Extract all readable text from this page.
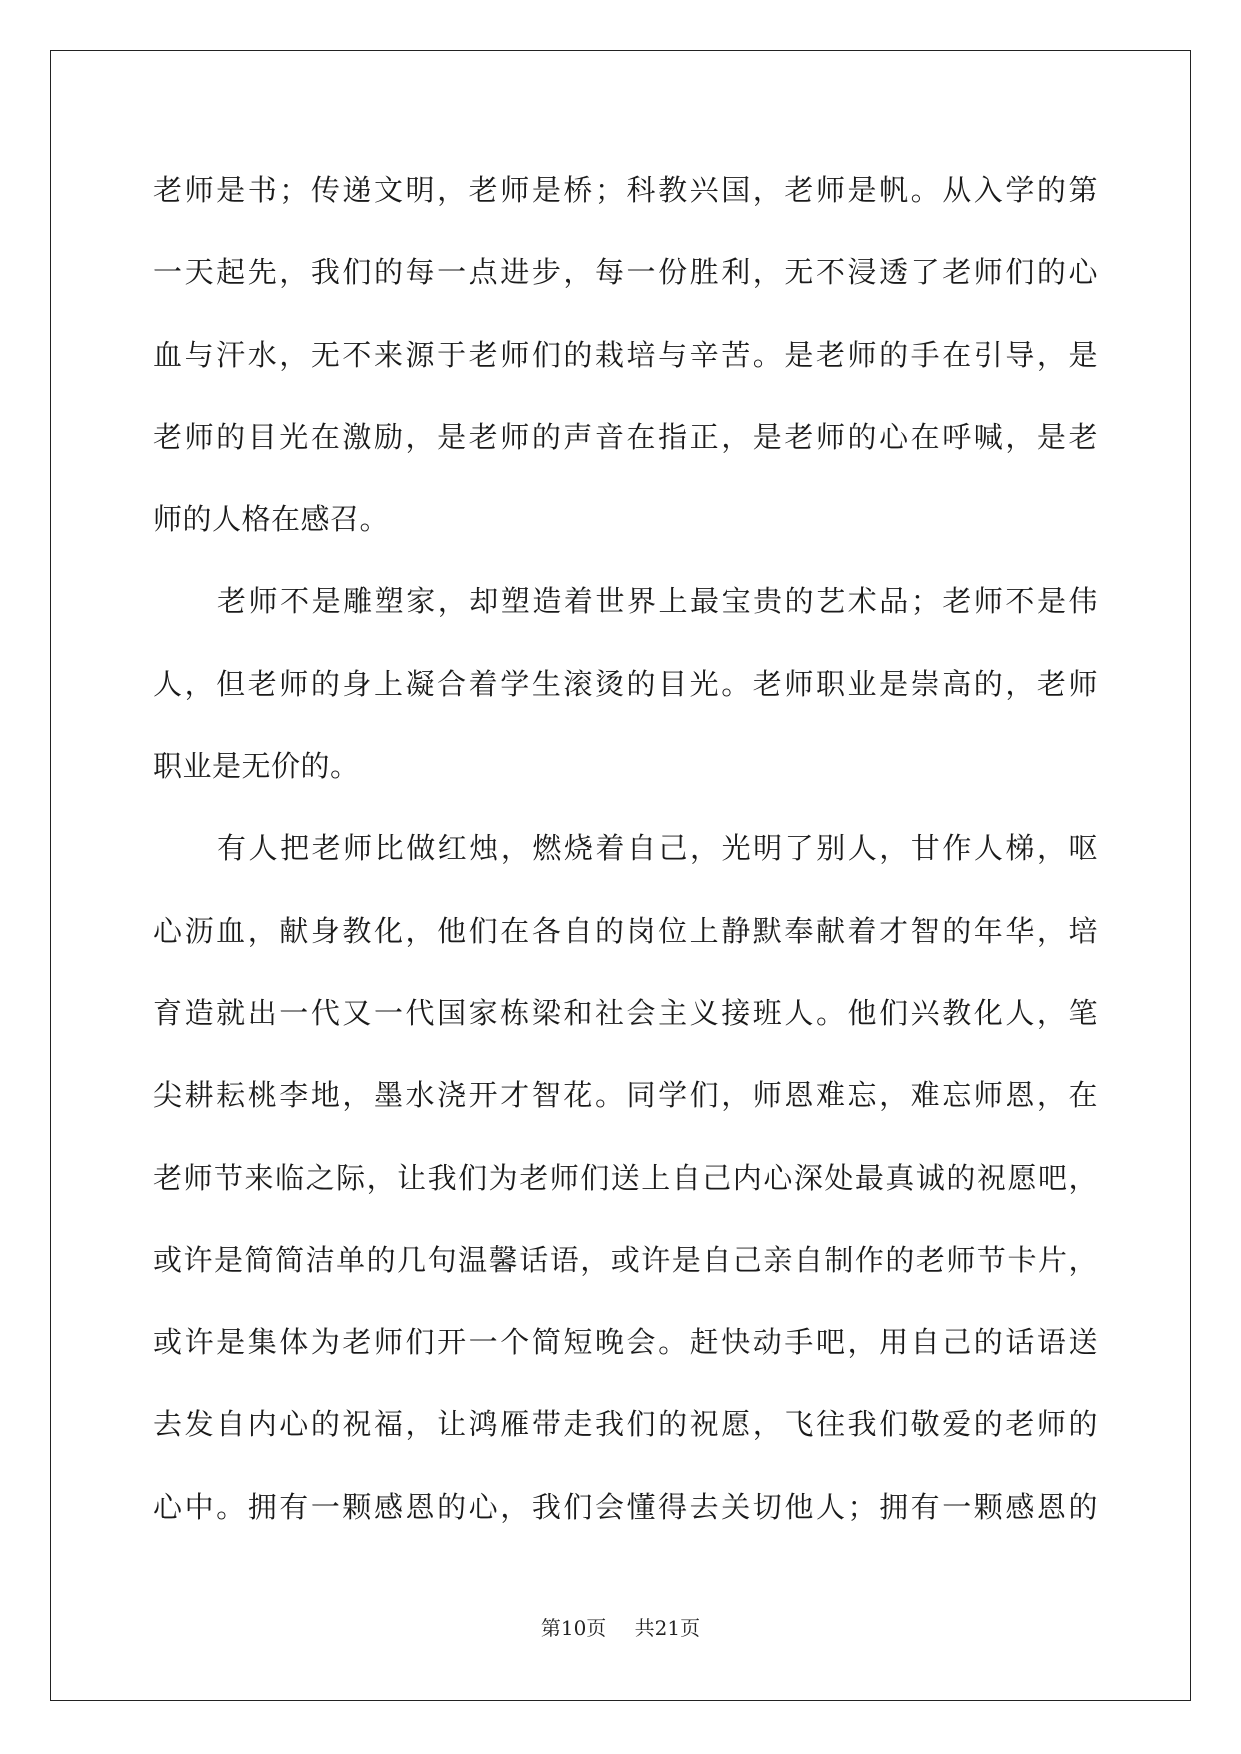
老师是书；传递文明，老师是桥；科教兴国，老师是帆。从入学的第
一天起先，我们的每一点进步，每一份胜利，无不浸透了老师们的心
血与汗水，无不来源于老师们的栽培与辛苦。是老师的手在引导，是
老师的目光在激励，是老师的声音在指正，是老师的心在呼喊，是老
师的人格在感召。
老师不是雕塑家，却塑造着世界上最宝贵的艺术品；老师不是伟
人，但老师的身上凝合着学生滚烫的目光。老师职业是崇高的，老师
职业是无价的。
有人把老师比做红烛，燃烧着自己，光明了别人，甘作人梯，呕
心沥血，献身教化，他们在各自的岗位上静默奉献着才智的年华，培
育造就出一代又一代国家栋梁和社会主义接班人。他们兴教化人，笔
尖耕耘桃李地，墨水浇开才智花。同学们，师恩难忘，难忘师恩，在
老师节来临之际，让我们为老师们送上自己内心深处最真诚的祝愿吧，
或许是简简洁单的几句温馨话语，或许是自己亲自制作的老师节卡片，
或许是集体为老师们开一个简短晚会。赶快动手吧，用自己的话语送
去发自内心的祝福，让鸿雁带走我们的祝愿，飞往我们敬爱的老师的
心中。拥有一颗感恩的心，我们会懂得去关切他人；拥有一颗感恩的
第10页 共21页
